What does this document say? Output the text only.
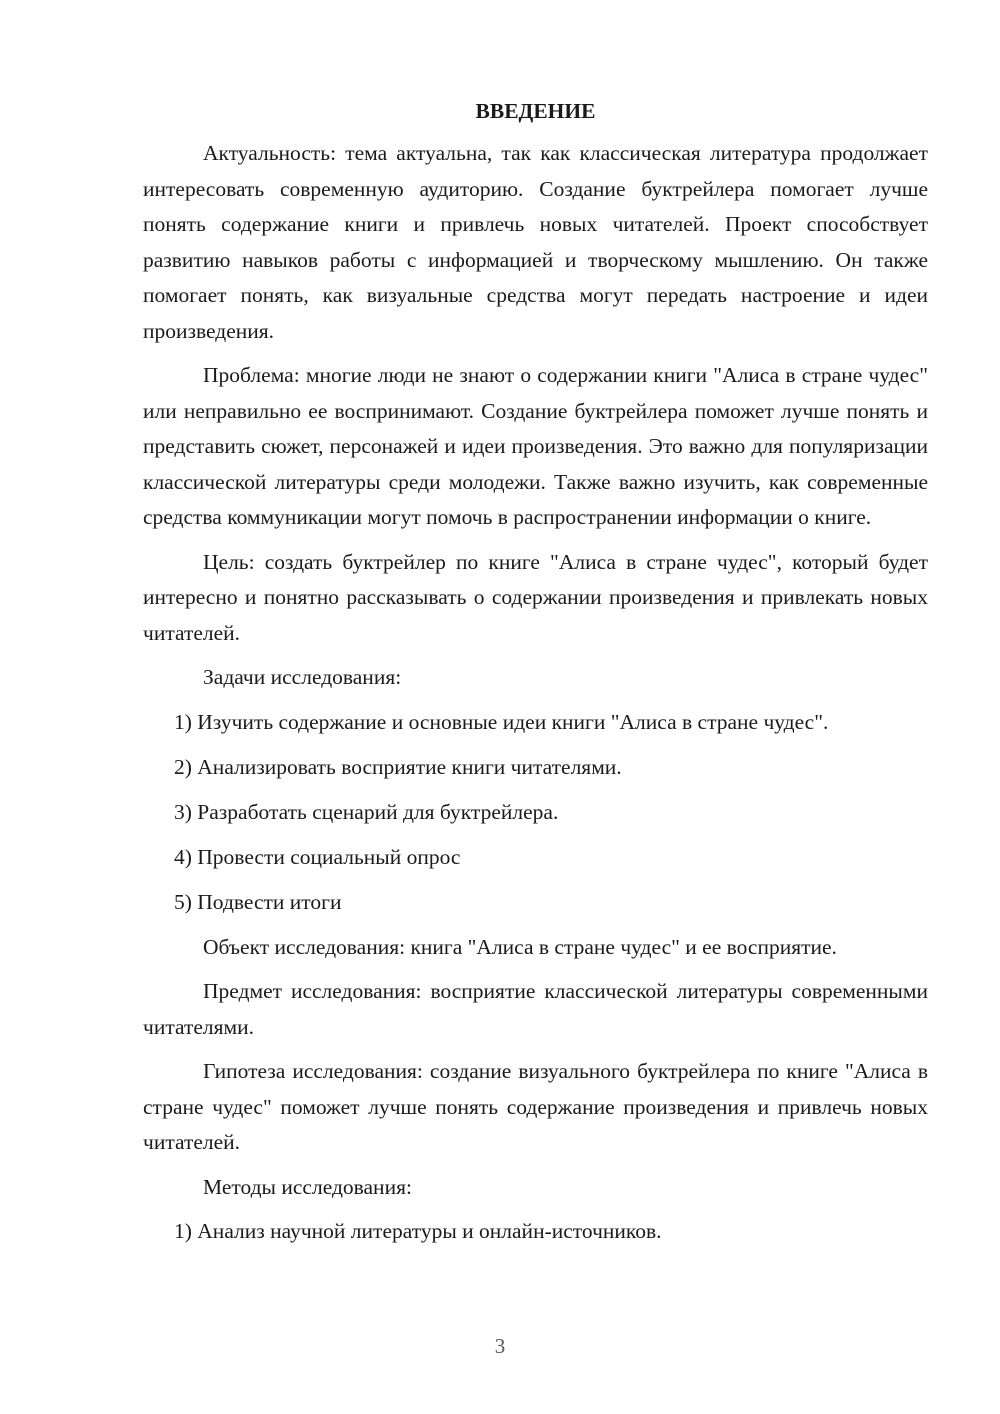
ВВЕДЕНИЕ

Актуальность: тема актуальна, так как классическая литература продолжает интересовать современную аудиторию. Создание буктрейлера помогает лучше понять содержание книги и привлечь новых читателей. Проект способствует развитию навыков работы с информацией и творческому мышлению. Он также помогает понять, как визуальные средства могут передать настроение и идеи произведения.

Проблема: многие люди не знают о содержании книги "Алиса в стране чудес" или неправильно ее воспринимают. Создание буктрейлера поможет лучше понять и представить сюжет, персонажей и идеи произведения. Это важно для популяризации классической литературы среди молодежи. Также важно изучить, как современные средства коммуникации могут помочь в распространении информации о книге.

Цель: создать буктрейлер по книге "Алиса в стране чудес", который будет интересно и понятно рассказывать о содержании произведения и привлекать новых читателей.

Задачи исследования:
1) Изучить содержание и основные идеи книги "Алиса в стране чудес".
2) Анализировать восприятие книги читателями.
3) Разработать сценарий для буктрейлера.
4) Провести социальный опрос
5) Подвести итоги

Объект исследования: книга "Алиса в стране чудес" и ее восприятие.

Предмет исследования: восприятие классической литературы современными читателями.

Гипотеза исследования: создание визуального буктрейлера по книге "Алиса в стране чудес" поможет лучше понять содержание произведения и привлечь новых читателей.

Методы исследования:
1) Анализ научной литературы и онлайн-источников.
3
